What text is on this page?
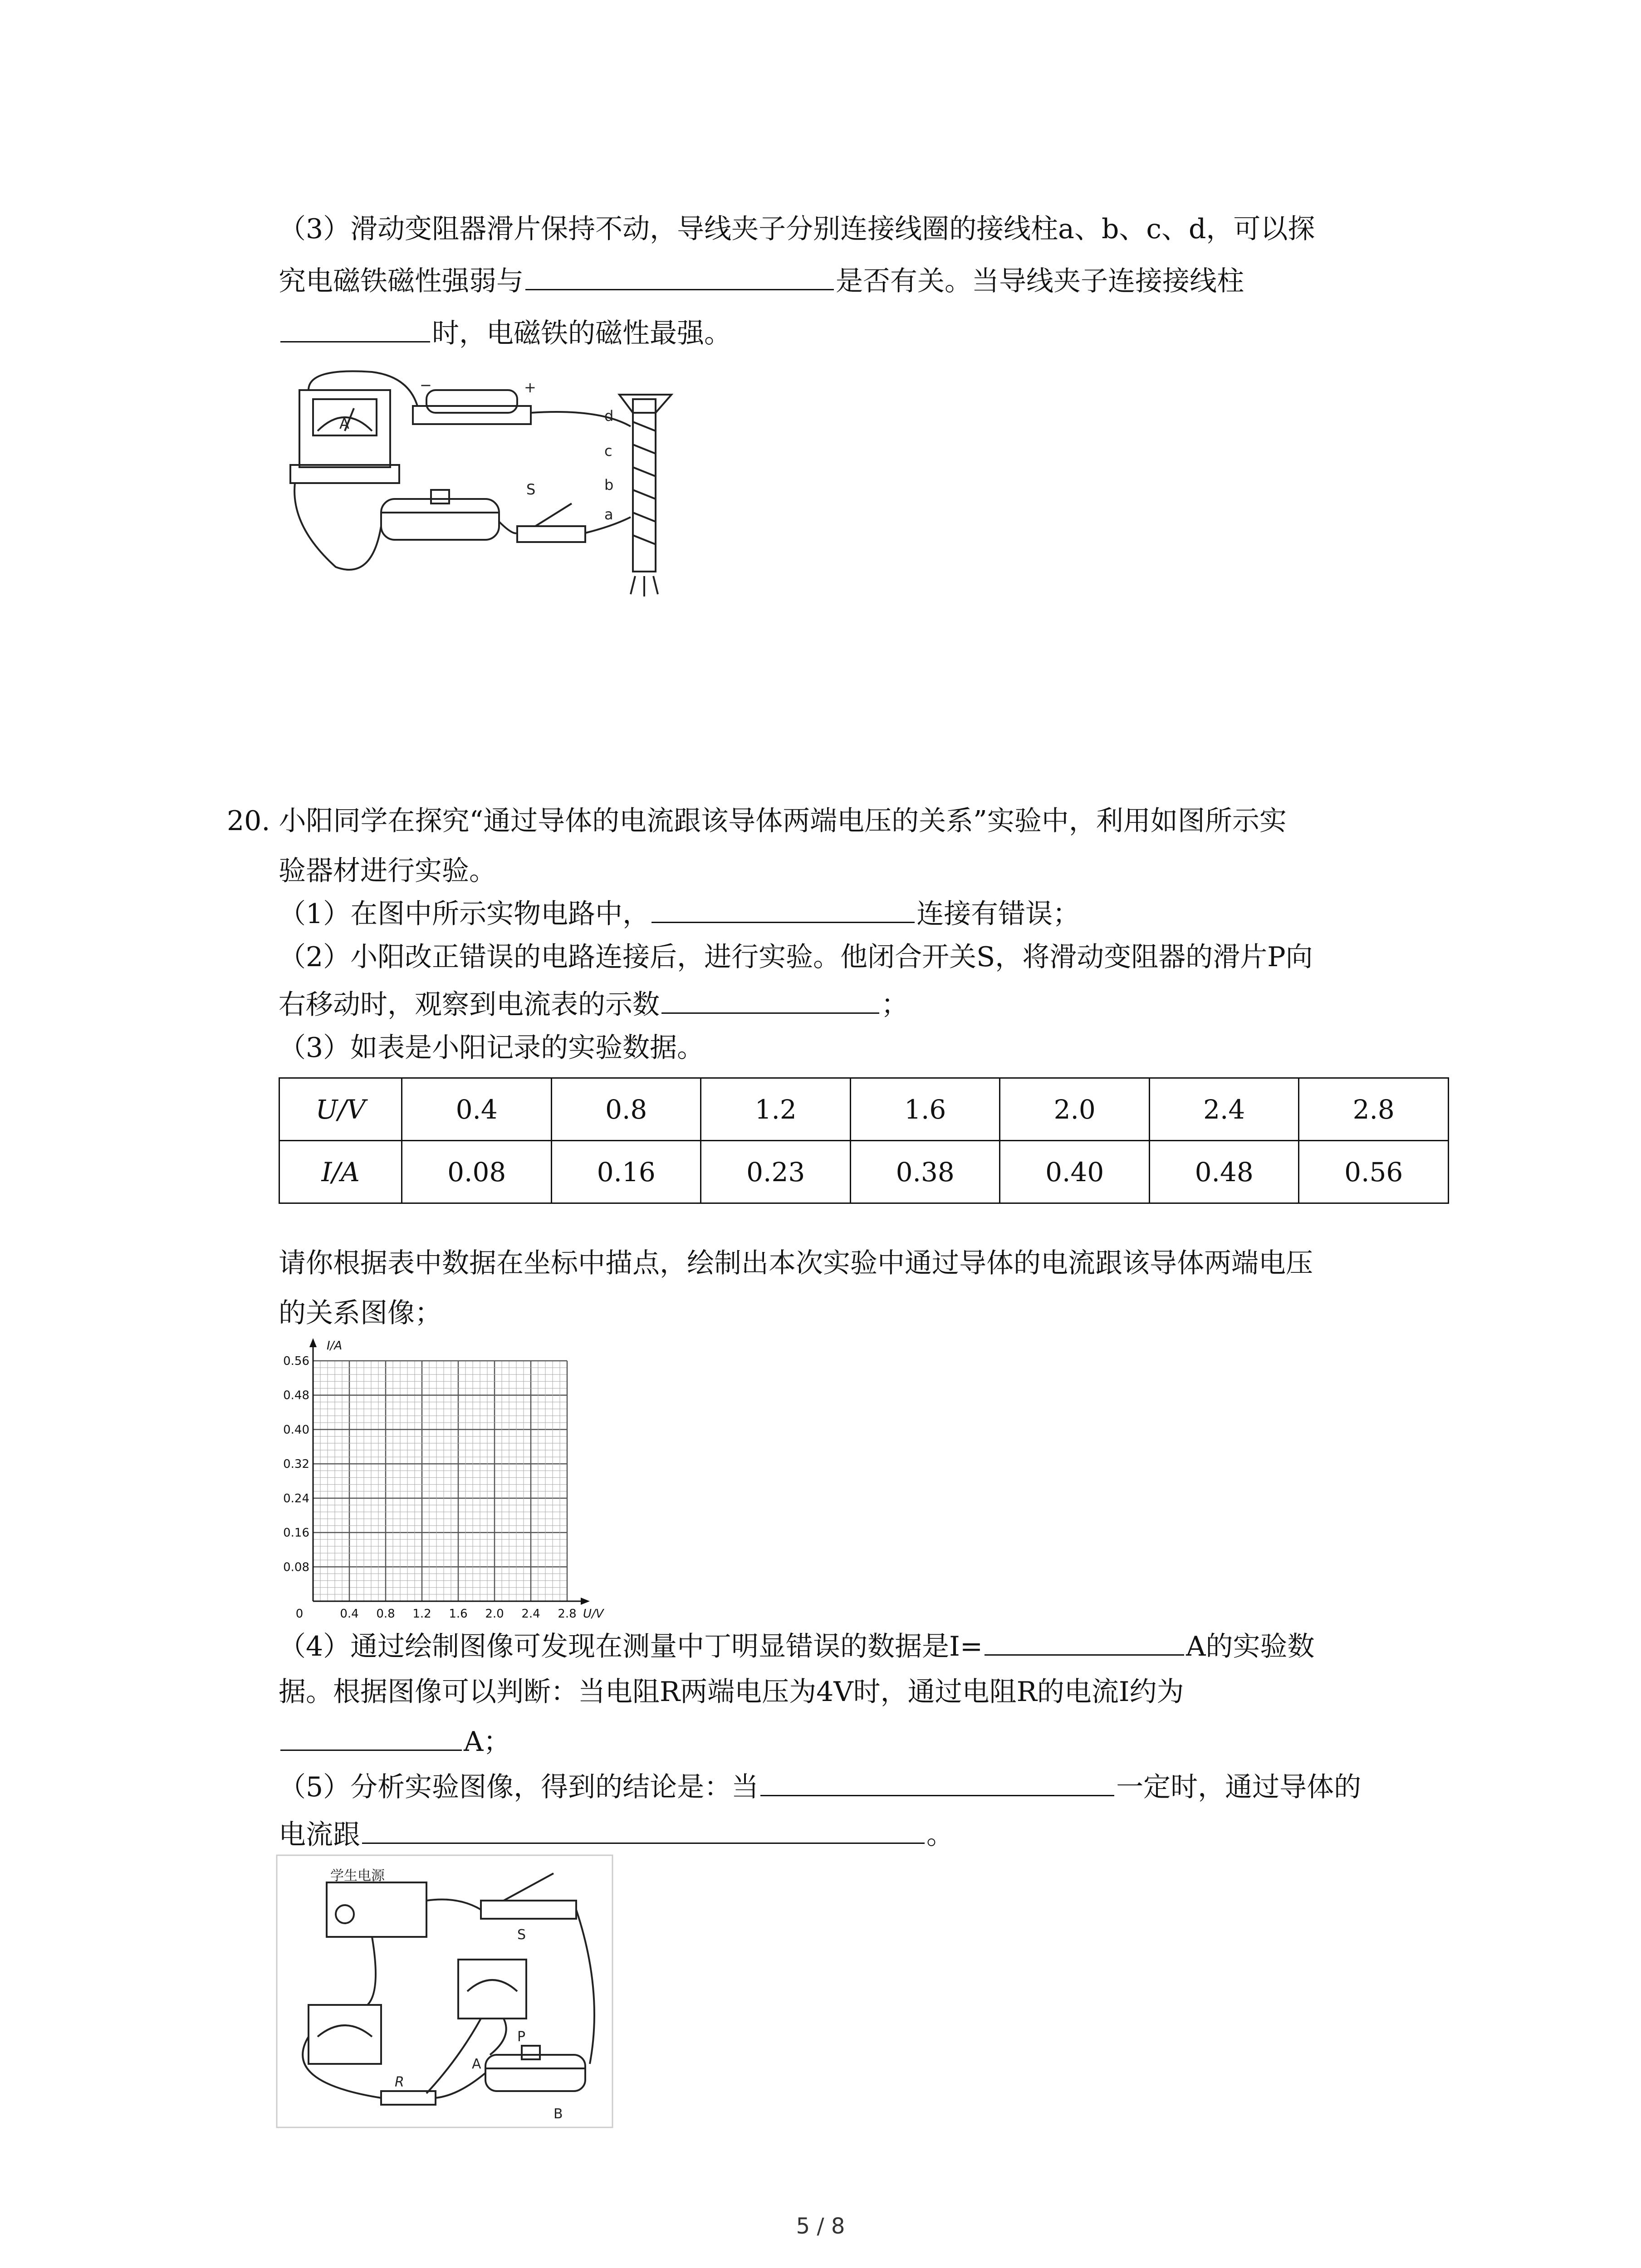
（3）滑动变阻器滑片保持不动，导线夹子分别连接线圈的接线柱a、b、c、d，可以探
究电磁铁磁性强弱与	是否有关。当导线夹子连接接线柱
时，电磁铁的磁性最强。
d
c
b
a
S
A
−	+
20. 小阳同学在探究“通过导体的电流跟该导体两端电压的关系”实验中，利用如图所示实
验器材进行实验。
（1）在图中所示实物电路中，	连接有错误；
（2）小阳改正错误的电路连接后，进行实验。他闭合开关S，将滑动变阻器的滑片P向
右移动时，观察到电流表的示数	；
（3）如表是小阳记录的实验数据。
U/V	0.4	0.8	1.2	1.6	2.0	2.4	2.8
I/A	0.08	0.16	0.23	0.38	0.40	0.48	0.56
请你根据表中数据在坐标中描点，绘制出本次实验中通过导体的电流跟该导体两端电压
的关系图像；
0.56
0.48
0.40
0.32
0.24
0.16
0.08
0.4 0.8 1.2 1.6 2.0 2.4 2.8
0
I/A
U/V
（4）通过绘制图像可发现在测量中丁明显错误的数据是I=	A的实验数
据。根据图像可以判断：当电阻R两端电压为4V时，通过电阻R的电流I约为
A；
（5）分析实验图像，得到的结论是：当	一定时，通过导体的
电流跟	。
学生电源
S
R
P
A
B
5 / 8
